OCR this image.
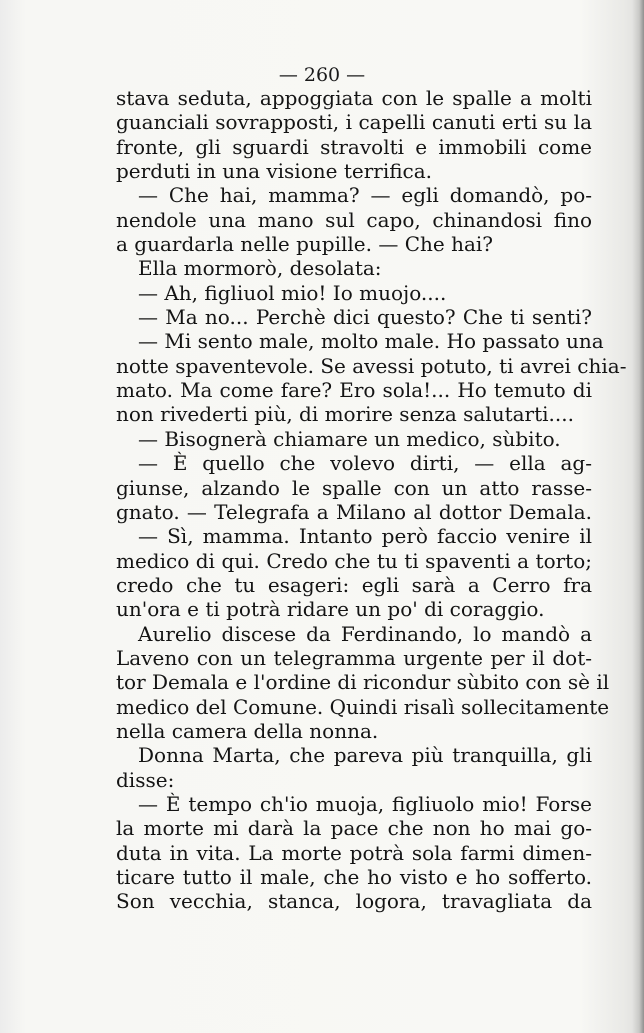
— 260 —
stava seduta, appoggiata con le spalle a molti
guanciali sovrapposti, i capelli canuti erti su la
fronte, gli sguardi stravolti e immobili come
perduti in una visione terrifica.
— Che hai, mamma? — egli domandò, po-
nendole una mano sul capo, chinandosi fino
a guardarla nelle pupille. — Che hai?
Ella mormorò, desolata:
— Ah, figliuol mio! Io muojo....
— Ma no... Perchè dici questo? Che ti senti?
— Mi sento male, molto male. Ho passato una
notte spaventevole. Se avessi potuto, ti avrei chia-
mato. Ma come fare? Ero sola!... Ho temuto di
non rivederti più, di morire senza salutarti....
— Bisognerà chiamare un medico, sùbito.
— È quello che volevo dirti, — ella ag-
giunse, alzando le spalle con un atto rasse-
gnato. — Telegrafa a Milano al dottor Demala.
— Sì, mamma. Intanto però faccio venire il
medico di qui. Credo che tu ti spaventi a torto;
credo che tu esageri: egli sarà a Cerro fra
un'ora e ti potrà ridare un po' di coraggio.
Aurelio discese da Ferdinando, lo mandò a
Laveno con un telegramma urgente per il dot-
tor Demala e l'ordine di ricondur sùbito con sè il
medico del Comune. Quindi risalì sollecitamente
nella camera della nonna.
Donna Marta, che pareva più tranquilla, gli
disse:
— È tempo ch'io muoja, figliuolo mio! Forse
la morte mi darà la pace che non ho mai go-
duta in vita. La morte potrà sola farmi dimen-
ticare tutto il male, che ho visto e ho sofferto.
Son vecchia, stanca, logora, travagliata da
